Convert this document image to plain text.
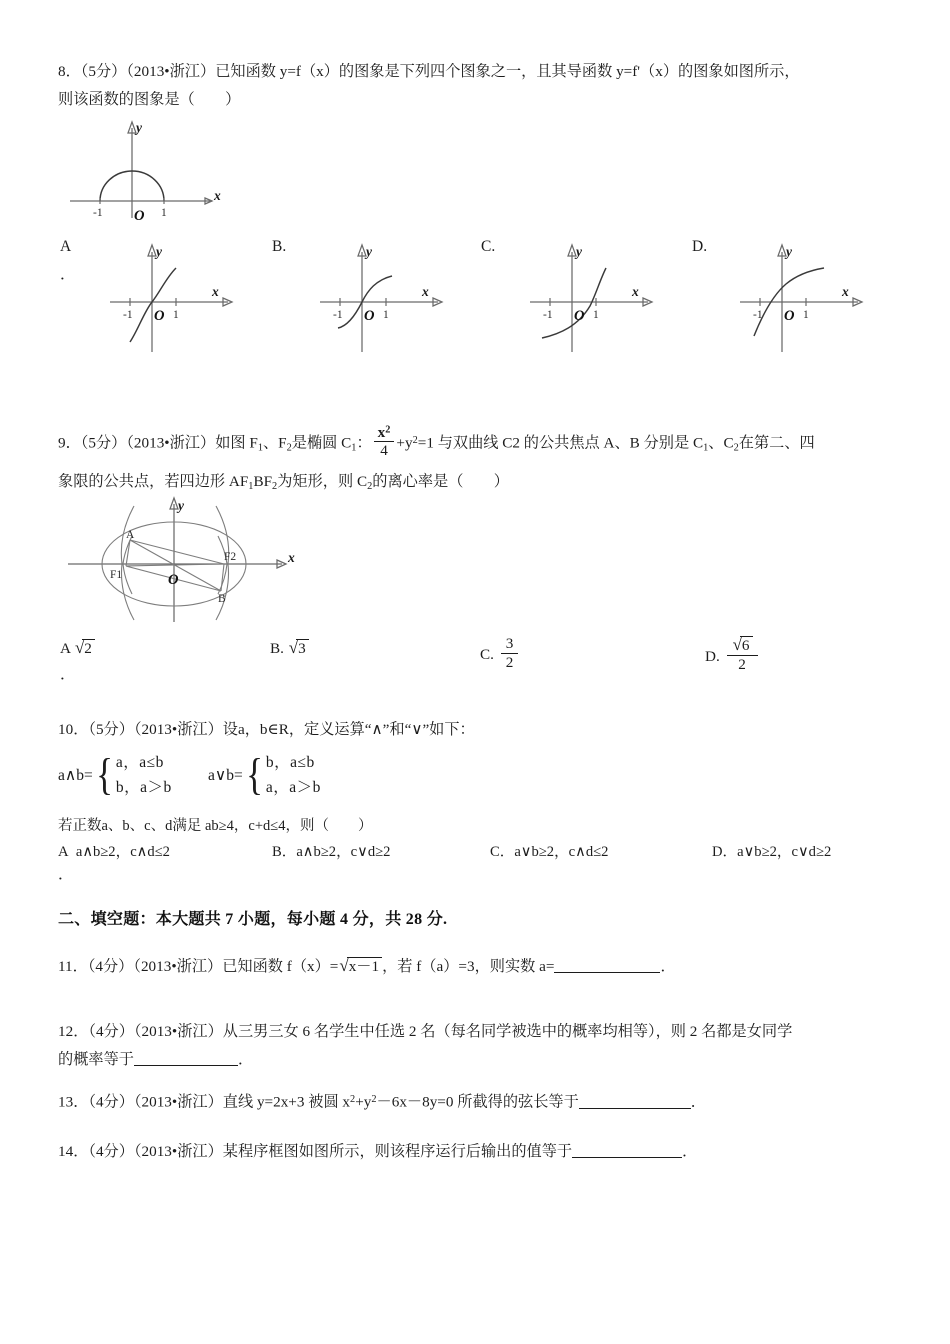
8．（5分）（2013•浙江）已知函数 y=f（x）的图象是下列四个图象之一，且其导函数 y=f'（x）的图象如图所示，
则该函数的图象是（　　）
-1	1
O
x
y
A
．
B.	C.	D.
-1	1
O
x
y
-1	1
O
x
y
-1	1
O
x
y
-1	1
O
x
y
9．（5分）（2013•浙江）如图 $F_1$、$F_2$是椭圆 $C_1$： $\frac{x^2}{4} +y^2=1$ 与双曲线 C2 的公共焦点 A、B 分别是 $C_1$、$C_2$在第二、四
象限的公共点，若四边形 $AF_1BF_2$为矩形，则 $C_2$的离心率是（　　）
A
B
F1
F2
O
x
y
A √2
．
B. √3	C. $\frac{3}{2}$	D. $\frac{√6}{2}$
10．（5分）（2013•浙江）设a，b∈R，定义运算“∧”和“∨”如下：
a∧b= { a，a≤b
b，a＞b
a∨b= { b，a≤b
a，a＞b
若正数a、b、c、d满足 ab≥4，c+d≤4，则（　　）
A a∧b≥2，c∧d≤2	B．a∧b≥2，c∨d≥2	C．a∨b≥2，c∧d≤2	D．a∨b≥2，c∨d≥2
．
二、填空题：本大题共 7 小题，每小题 4 分，共 28 分.
11．（4分）（2013•浙江）已知函数 f（x）=√x－1 ，若 f（a）=3，则实数 a=	．
12．（4分）（2013•浙江）从三男三女 6 名学生中任选 2 名（每名同学被选中的概率均相等），则 2 名都是女同学
的概率等于	．
13．（4分）（2013•浙江）直线 y=2x+3 被圆 $x^2+y^2-6x-8y=0$ 所截得的弦长等于	．
14．（4分）（2013•浙江）某程序框图如图所示，则该程序运行后输出的值等于	．
